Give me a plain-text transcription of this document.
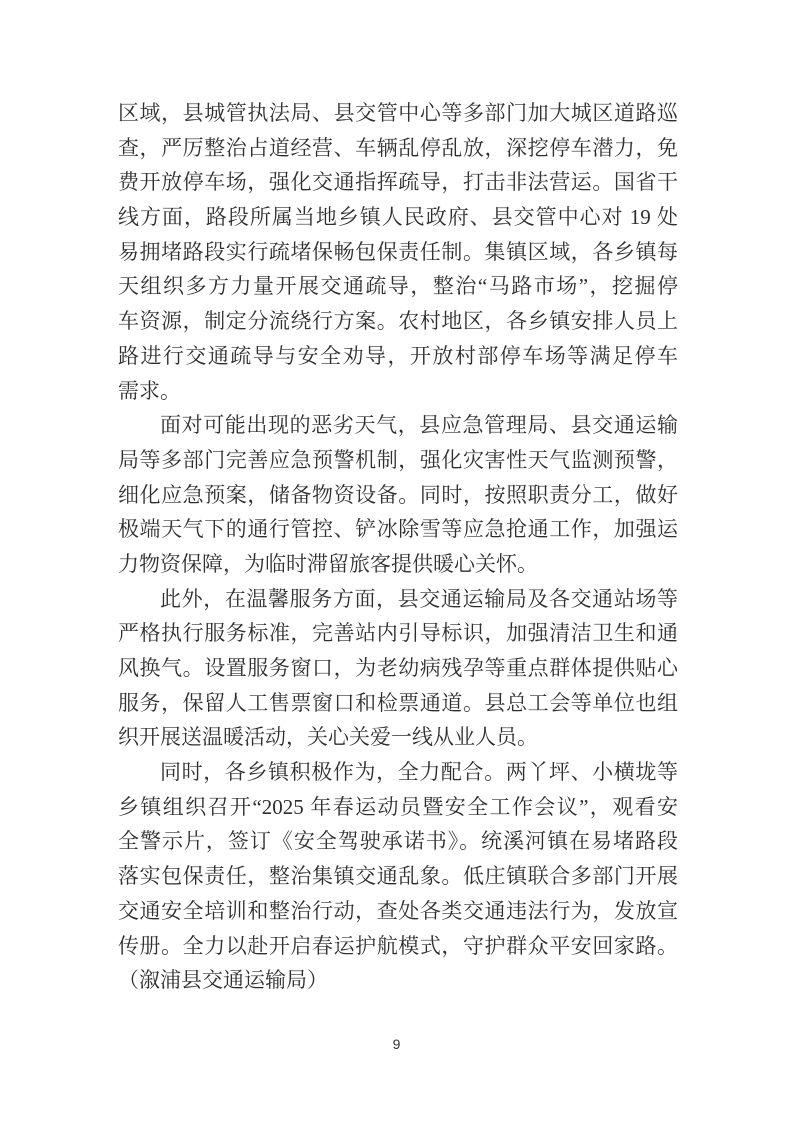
区域，县城管执法局、县交管中心等多部门加大城区道路巡
查，严厉整治占道经营、车辆乱停乱放，深挖停车潜力，免
费开放停车场，强化交通指挥疏导，打击非法营运。国省干
线方面，路段所属当地乡镇人民政府、县交管中心对 19 处
易拥堵路段实行疏堵保畅包保责任制。集镇区域，各乡镇每
天组织多方力量开展交通疏导，整治“马路市场”，挖掘停
车资源，制定分流绕行方案。农村地区，各乡镇安排人员上
路进行交通疏导与安全劝导，开放村部停车场等满足停车
需求。
面对可能出现的恶劣天气，县应急管理局、县交通运输
局等多部门完善应急预警机制，强化灾害性天气监测预警，
细化应急预案，储备物资设备。同时，按照职责分工，做好
极端天气下的通行管控、铲冰除雪等应急抢通工作，加强运
力物资保障，为临时滞留旅客提供暖心关怀。
此外，在温馨服务方面，县交通运输局及各交通站场等
严格执行服务标准，完善站内引导标识，加强清洁卫生和通
风换气。设置服务窗口，为老幼病残孕等重点群体提供贴心
服务，保留人工售票窗口和检票通道。县总工会等单位也组
织开展送温暖活动，关心关爱一线从业人员。
同时，各乡镇积极作为，全力配合。两丫坪、小横垅等
乡镇组织召开“2025 年春运动员暨安全工作会议”，观看安
全警示片，签订《安全驾驶承诺书》。统溪河镇在易堵路段
落实包保责任，整治集镇交通乱象。低庄镇联合多部门开展
交通安全培训和整治行动，查处各类交通违法行为，发放宣
传册。全力以赴开启春运护航模式，守护群众平安回家路。
（溆浦县交通运输局）
9
